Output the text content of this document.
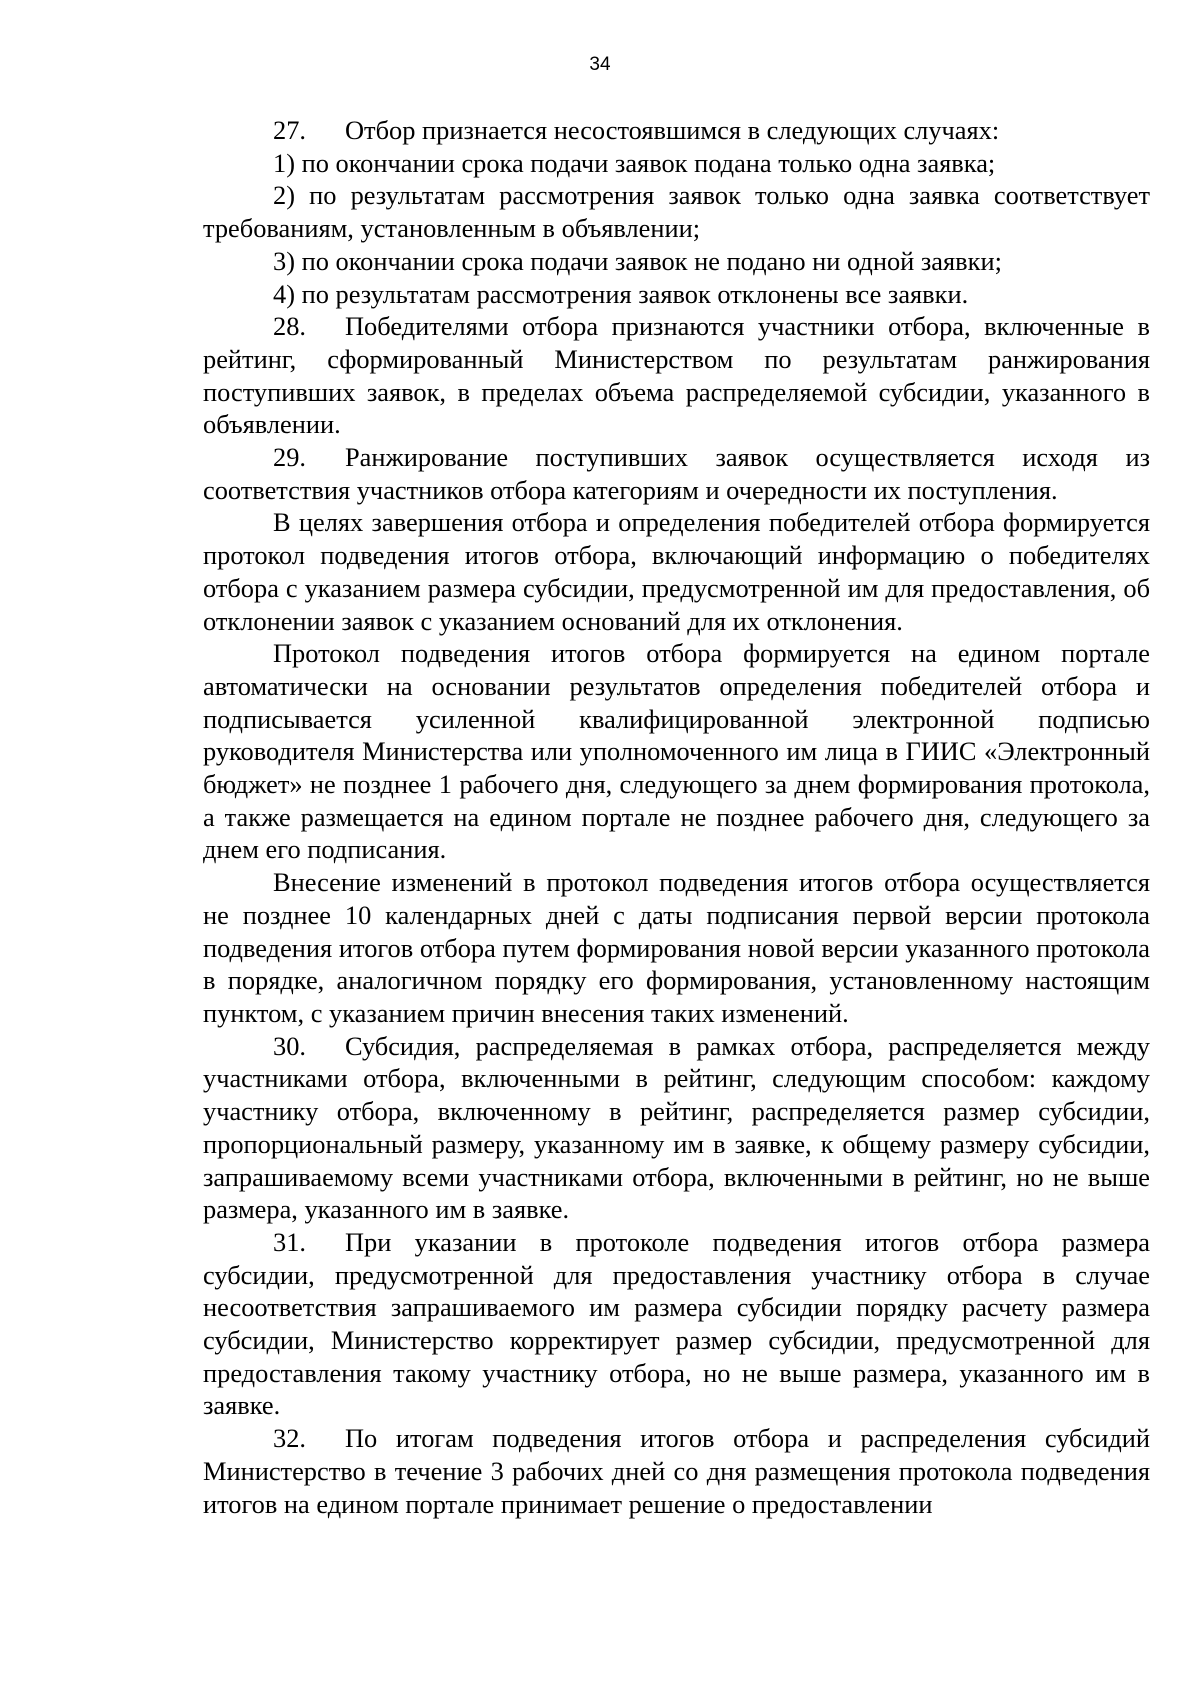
34

27. Отбор признается несостоявшимся в следующих случаях:

1) по окончании срока подачи заявок подана только одна заявка;

2) по результатам рассмотрения заявок только одна заявка соответствует требованиям, установленным в объявлении;

3) по окончании срока подачи заявок не подано ни одной заявки;

4) по результатам рассмотрения заявок отклонены все заявки.

28. Победителями отбора признаются участники отбора, включенные в рейтинг, сформированный Министерством по результатам ранжирования поступивших заявок, в пределах объема распределяемой субсидии, указанного в объявлении.

29. Ранжирование поступивших заявок осуществляется исходя из соответствия участников отбора категориям и очередности их поступления.

В целях завершения отбора и определения победителей отбора формируется протокол подведения итогов отбора, включающий информацию о победителях отбора с указанием размера субсидии, предусмотренной им для предоставления, об отклонении заявок с указанием оснований для их отклонения.

Протокол подведения итогов отбора формируется на едином портале автоматически на основании результатов определения победителей отбора и подписывается усиленной квалифицированной электронной подписью руководителя Министерства или уполномоченного им лица в ГИИС «Электронный бюджет» не позднее 1 рабочего дня, следующего за днем формирования протокола, а также размещается на едином портале не позднее рабочего дня, следующего за днем его подписания.

Внесение изменений в протокол подведения итогов отбора осуществляется не позднее 10 календарных дней с даты подписания первой версии протокола подведения итогов отбора путем формирования новой версии указанного протокола в порядке, аналогичном порядку его формирования, установленному настоящим пунктом, с указанием причин внесения таких изменений.

30. Субсидия, распределяемая в рамках отбора, распределяется между участниками отбора, включенными в рейтинг, следующим способом: каждому участнику отбора, включенному в рейтинг, распределяется размер субсидии, пропорциональный размеру, указанному им в заявке, к общему размеру субсидии, запрашиваемому всеми участниками отбора, включенными в рейтинг, но не выше размера, указанного им в заявке.

31. При указании в протоколе подведения итогов отбора размера субсидии, предусмотренной для предоставления участнику отбора в случае несоответствия запрашиваемого им размера субсидии порядку расчету размера субсидии, Министерство корректирует размер субсидии, предусмотренной для предоставления такому участнику отбора, но не выше размера, указанного им в заявке.

32. По итогам подведения итогов отбора и распределения субсидий Министерство в течение 3 рабочих дней со дня размещения протокола подведения итогов на едином портале принимает решение о предоставлении
